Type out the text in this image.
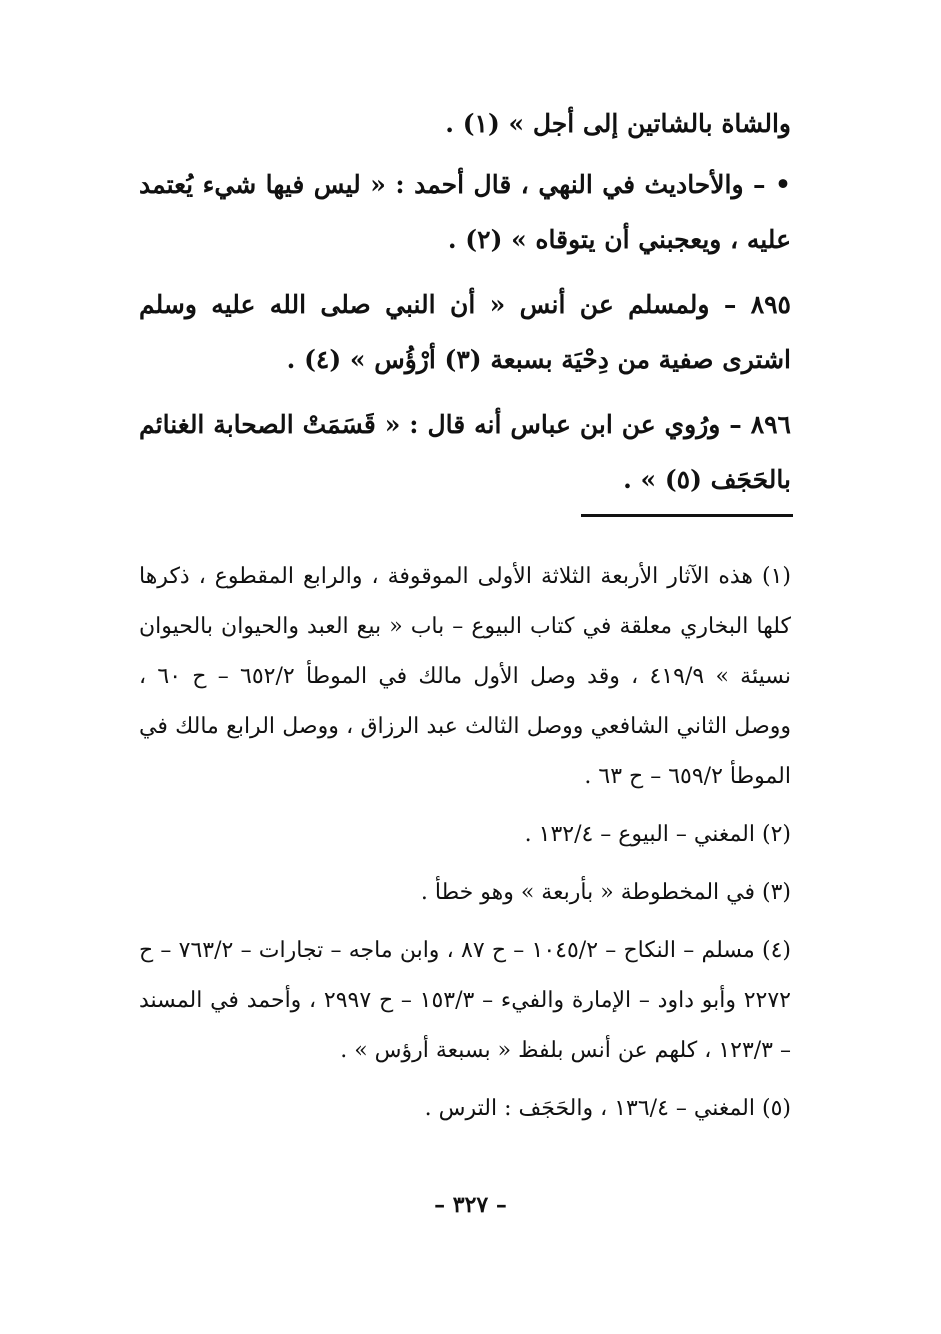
والشاة بالشاتين إلى أجل » (١) .

• – والأحاديث في النهي ، قال أحمد : « ليس فيها شيء يُعتمد عليه ، ويعجبني أن يتوقاه » (٢) .

٨٩٥ – ولمسلم عن أنس « أن النبي صلى الله عليه وسلم اشترى صفية من دِحْيَة بسبعة (٣) أرْؤُس » (٤) .

٨٩٦ – ورُوي عن ابن عباس أنه قال : « قَسَمَتْ الصحابة الغنائم بالحَجَف (٥) » .

(١) هذه الآثار الأربعة الثلاثة الأولى الموقوفة ، والرابع المقطوع ، ذكرها كلها البخاري معلقة في كتاب البيوع – باب « بيع العبد والحيوان بالحيوان نسيئة » ٤١٩/٩ ، وقد وصل الأول مالك في الموطأ ٦٥٢/٢ – ح ٦٠ ، ووصل الثاني الشافعي ووصل الثالث عبد الرزاق ، ووصل الرابع مالك في الموطأ ٦٥٩/٢ – ح ٦٣ .

(٢) المغني – البيوع – ١٣٢/٤ .

(٣) في المخطوطة « بأربعة » وهو خطأ .

(٤) مسلم – النكاح – ١٠٤٥/٢ – ح ٨٧ ، وابن ماجه – تجارات – ٧٦٣/٢ – ح ٢٢٧٢ وأبو داود – الإمارة والفيء – ١٥٣/٣ – ح ٢٩٩٧ ، وأحمد في المسند – ١٢٣/٣ ، كلهم عن أنس بلفظ « بسبعة أرؤس » .

(٥) المغني – ١٣٦/٤ ، والحَجَف : الترس .

– ٣٢٧ –
